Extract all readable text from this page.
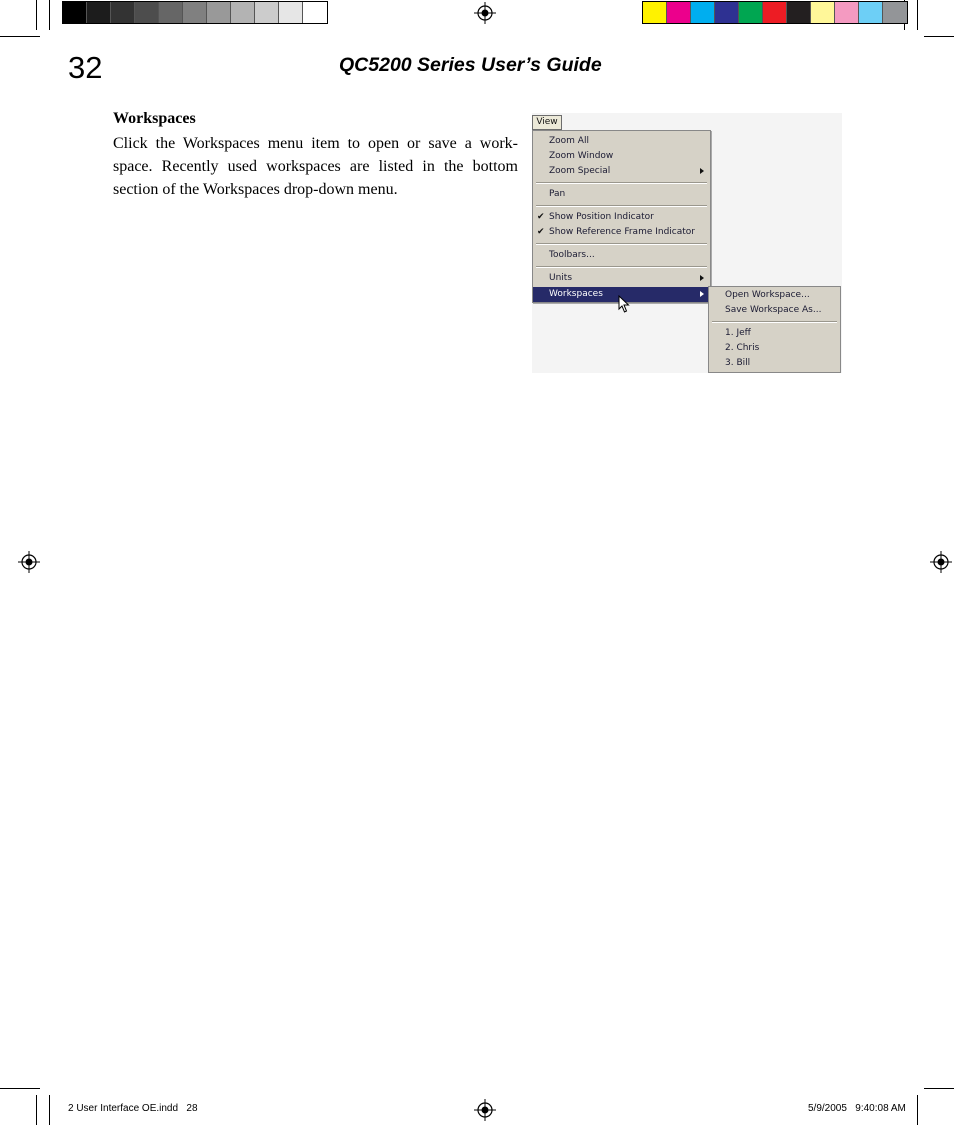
32	QC5200 Series User’s Guide
Workspaces
Click the Workspaces menu item to open or save a work-
space. Recently used workspaces are listed in the bottom
section of the Workspaces drop-down menu.
View
Zoom All
Zoom Window
Zoom Special
Pan
✔ Show Position Indicator
✔ Show Reference Frame Indicator
Toolbars...
Units
Workspaces	Open Workspace...
Save Workspace As...
1. Jeff
2. Chris
3. Bill
2 User Interface OE.indd   28	5/9/2005   9:40:08 AM
